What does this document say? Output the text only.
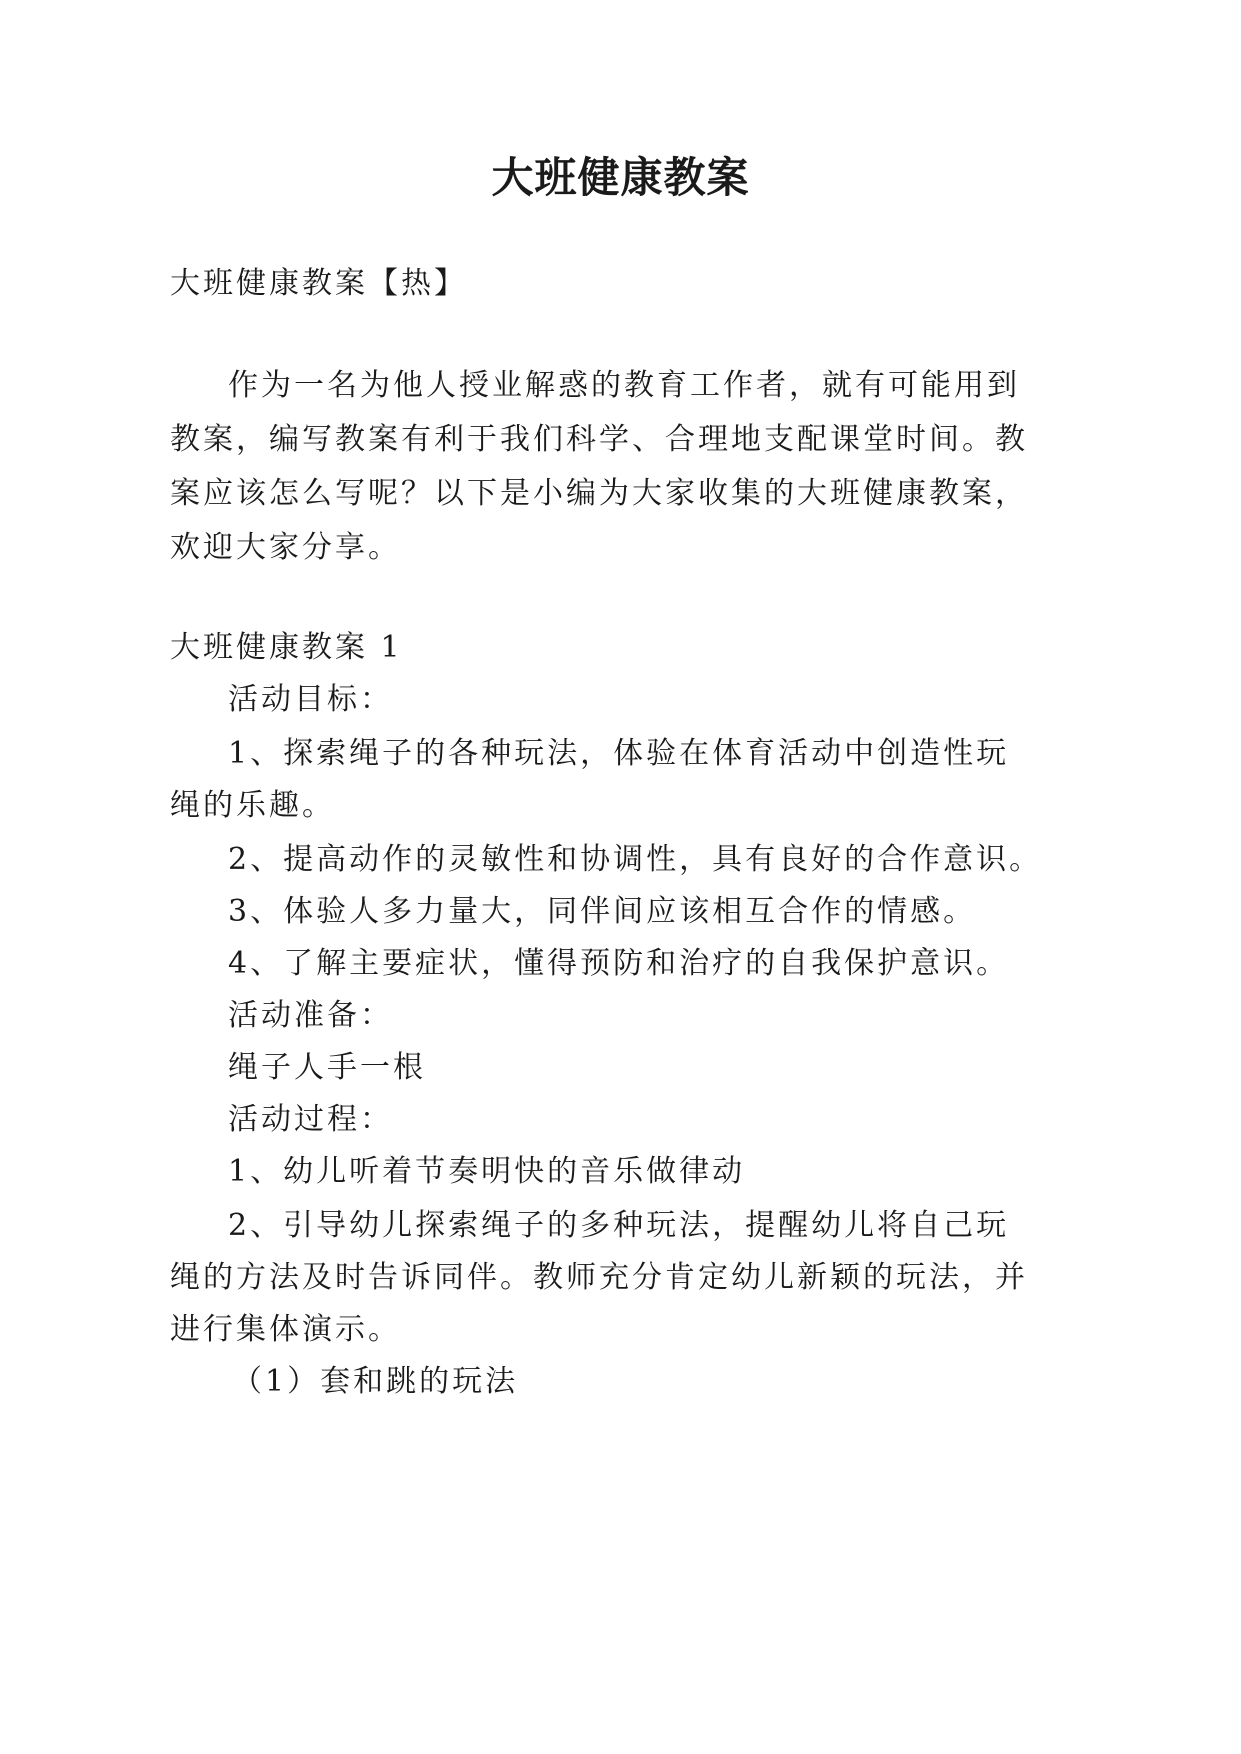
大班健康教案
大班健康教案【热】
作为一名为他人授业解惑的教育工作者，就有可能用到
教案，编写教案有利于我们科学、合理地支配课堂时间。教
案应该怎么写呢？以下是小编为大家收集的大班健康教案，
欢迎大家分享。
大班健康教案 1
活动目标：
1、探索绳子的各种玩法，体验在体育活动中创造性玩
绳的乐趣。
2、提高动作的灵敏性和协调性，具有良好的合作意识。
3、体验人多力量大，同伴间应该相互合作的情感。
4、了解主要症状，懂得预防和治疗的自我保护意识。
活动准备：
绳子人手一根
活动过程：
1、幼儿听着节奏明快的音乐做律动
2、引导幼儿探索绳子的多种玩法，提醒幼儿将自己玩
绳的方法及时告诉同伴。教师充分肯定幼儿新颖的玩法，并
进行集体演示。
（1）套和跳的玩法
